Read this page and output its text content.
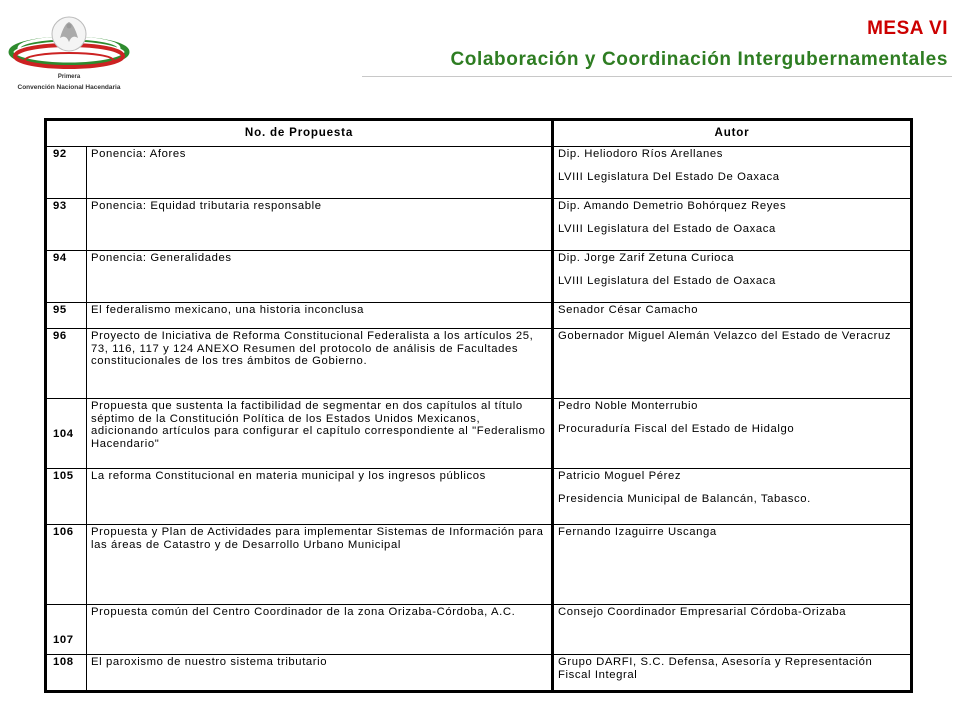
Primera
Convención Nacional Hacendaria
MESA VI
Colaboración y Coordinación Intergubernamentales
No. de Propuesta		Autor
92	Ponencia: Afores	Dip. Heliodoro Ríos Arellanes
LVIII Legislatura Del Estado De Oaxaca
93	Ponencia: Equidad tributaria responsable	Dip. Amando Demetrio Bohórquez Reyes
LVIII Legislatura del Estado de Oaxaca
94	Ponencia: Generalidades	Dip. Jorge Zarif Zetuna Curioca
LVIII Legislatura del Estado de Oaxaca
95	El federalismo mexicano, una historia inconclusa	Senador César Camacho
96	Proyecto de Iniciativa de Reforma Constitucional Federalista a los artículos 25, 73, 116, 117 y 124 ANEXO Resumen del protocolo de análisis de Facultades constitucionales de los tres ámbitos de Gobierno.	Gobernador Miguel Alemán Velazco del Estado de Veracruz
104	Propuesta que sustenta la factibilidad de segmentar en dos capítulos al título séptimo de la Constitución Política de los Estados Unidos Mexicanos, adicionando artículos para configurar el capítulo correspondiente al "Federalismo Hacendario"	Pedro Noble Monterrubio
Procuraduría Fiscal del Estado de Hidalgo
105	La reforma Constitucional en materia municipal y los ingresos públicos	Patricio Moguel Pérez
Presidencia Municipal de Balancán, Tabasco.
106	Propuesta y Plan de Actividades para implementar Sistemas de Información para las áreas de Catastro y de Desarrollo Urbano Municipal	Fernando Izaguirre Uscanga
107	Propuesta común del Centro Coordinador de la zona Orizaba-Córdoba, A.C.	Consejo Coordinador Empresarial Córdoba-Orizaba
108	El paroxismo de nuestro sistema tributario	Grupo DARFI, S.C. Defensa, Asesoría y Representación Fiscal Integral
